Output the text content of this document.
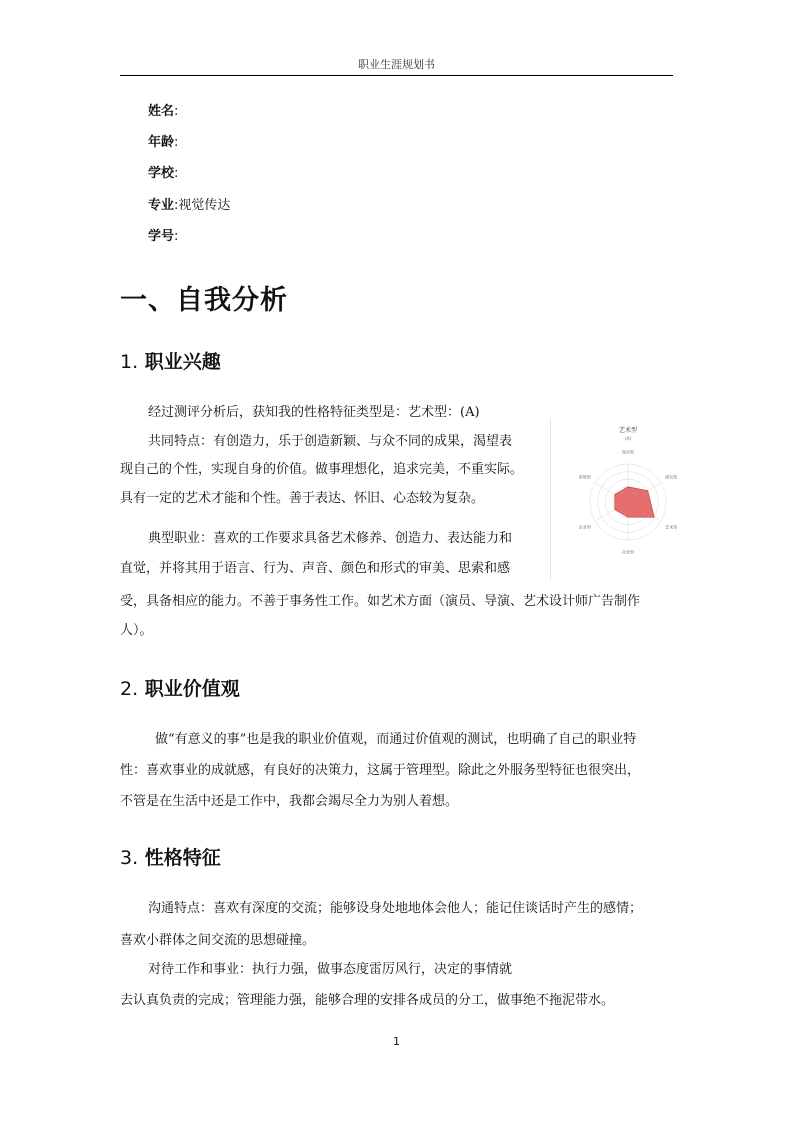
职业生涯规划书
姓名:
年龄:
学校:
专业:视觉传达
学号:
一、自我分析
1. 职业兴趣
经过测评分析后，获知我的性格特征类型是：艺术型：(A)
共同特点：有创造力，乐于创造新颖、与众不同的成果，渴望表
现自己的个性，实现自身的价值。做事理想化，追求完美，不重实际。
具有一定的艺术才能和个性。善于表达、怀旧、心态较为复杂。
典型职业：喜欢的工作要求具备艺术修养、创造力、表达能力和
直觉，并将其用于语言、行为、声音、颜色和形式的审美、思索和感
受，具备相应的能力。不善于事务性工作。如艺术方面（演员、导演、艺术设计师广告制作
人）。
艺术型
(A)
现实型
研究型
艺术型
社会型
企业型
常规型
2. 职业价值观
做“有意义的事”也是我的职业价值观，而通过价值观的测试，也明确了自己的职业特
性：喜欢事业的成就感，有良好的决策力，这属于管理型。除此之外服务型特征也很突出，
不管是在生活中还是工作中，我都会竭尽全力为别人着想。
3. 性格特征
沟通特点：喜欢有深度的交流；能够设身处地地体会他人；能记住谈话时产生的感情；
喜欢小群体之间交流的思想碰撞。
对待工作和事业：执行力强，做事态度雷厉风行，决定的事情就
去认真负责的完成；管理能力强，能够合理的安排各成员的分工，做事绝不拖泥带水。
1
